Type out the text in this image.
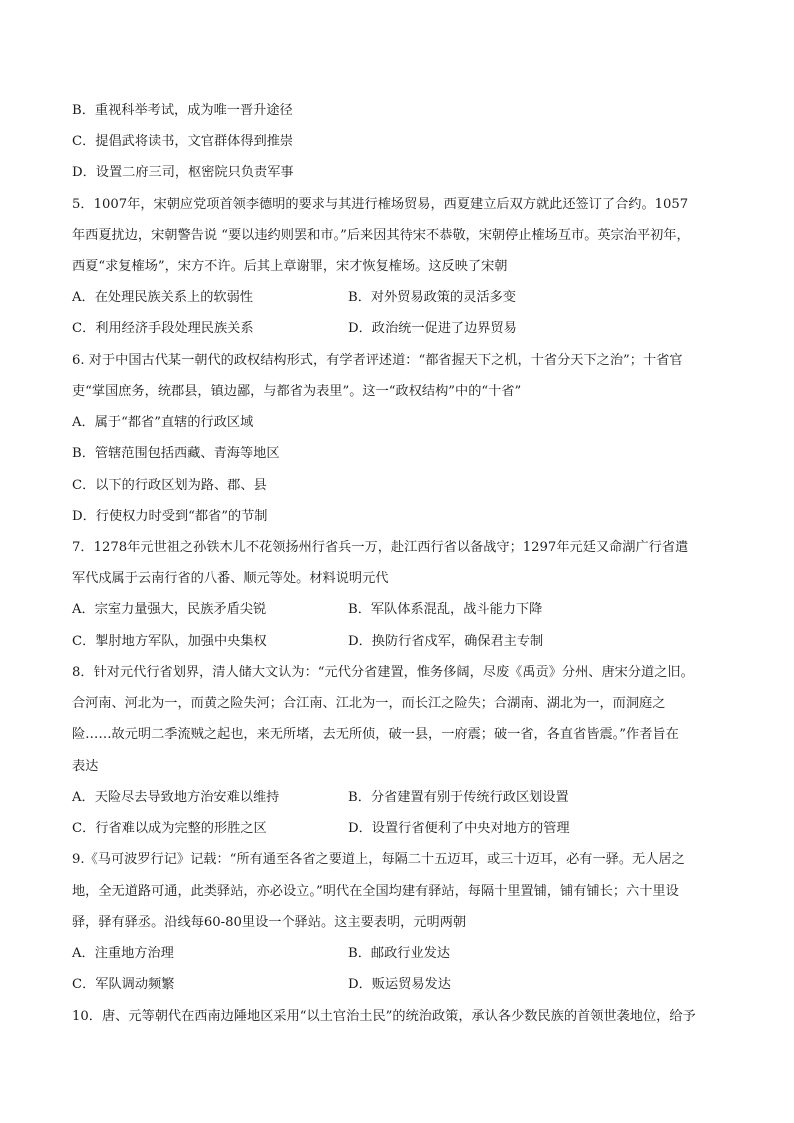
B．重视科举考试，成为唯一晋升途径
C．提倡武将读书，文官群体得到推崇
D．设置二府三司，枢密院只负责军事
5．1007年，宋朝应党项首领李德明的要求与其进行榷场贸易，西夏建立后双方就此还签订了合约。1057
年西夏扰边，宋朝警告说 “要以违约则罢和市。”后来因其待宋不恭敬，宋朝停止榷场互市。英宗治平初年，
西夏“求复榷场”，宋方不许。后其上章谢罪，宋才恢复榷场。这反映了宋朝
A．在处理民族关系上的软弱性	B．对外贸易政策的灵活多变
C．利用经济手段处理民族关系	D．政治统一促进了边界贸易
6. 对于中国古代某一朝代的政权结构形式，有学者评述道：“都省握天下之机，十省分天下之治”；十省官
吏“掌国庶务，统郡县，镇边鄙，与都省为表里”。这一“政权结构”中的“十省”
A．属于“都省”直辖的行政区域
B．管辖范围包括西藏、青海等地区
C．以下的行政区划为路、郡、县
D．行使权力时受到“都省”的节制
7．1278年元世祖之孙铁木儿不花领扬州行省兵一万，赴江西行省以备战守；1297年元廷又命湖广行省遣
军代戍属于云南行省的八番、顺元等处。材料说明元代
A．宗室力量强大，民族矛盾尖锐	B．军队体系混乱，战斗能力下降
C．掣肘地方军队，加强中央集权	D．换防行省戍军，确保君主专制
8．针对元代行省划界，清人储大文认为：“元代分省建置，惟务侈阔，尽废《禹贡》分州、唐宋分道之旧。
合河南、河北为一，而黄之险失河；合江南、江北为一，而长江之险失；合湖南、湖北为一，而洞庭之
险……故元明二季流贼之起也，来无所堵，去无所侦，破一县，一府震；破一省，各直省皆震。”作者旨在
表达
A．天险尽去导致地方治安难以维持	B．分省建置有别于传统行政区划设置
C．行省难以成为完整的形胜之区	D．设置行省便利了中央对地方的管理
9.《马可波罗行记》记载：“所有通至各省之要道上，每隔二十五迈耳，或三十迈耳，必有一驿。无人居之
地，全无道路可通，此类驿站，亦必设立。”明代在全国均建有驿站，每隔十里置铺，铺有铺长；六十里设
驿，驿有驿丞。沿线每60-80里设一个驿站。这主要表明，元明两朝
A．注重地方治理	B．邮政行业发达
C．军队调动频繁	D．贩运贸易发达
10．唐、元等朝代在西南边陲地区采用“以土官治土民”的统治政策，承认各少数民族的首领世袭地位，给予
